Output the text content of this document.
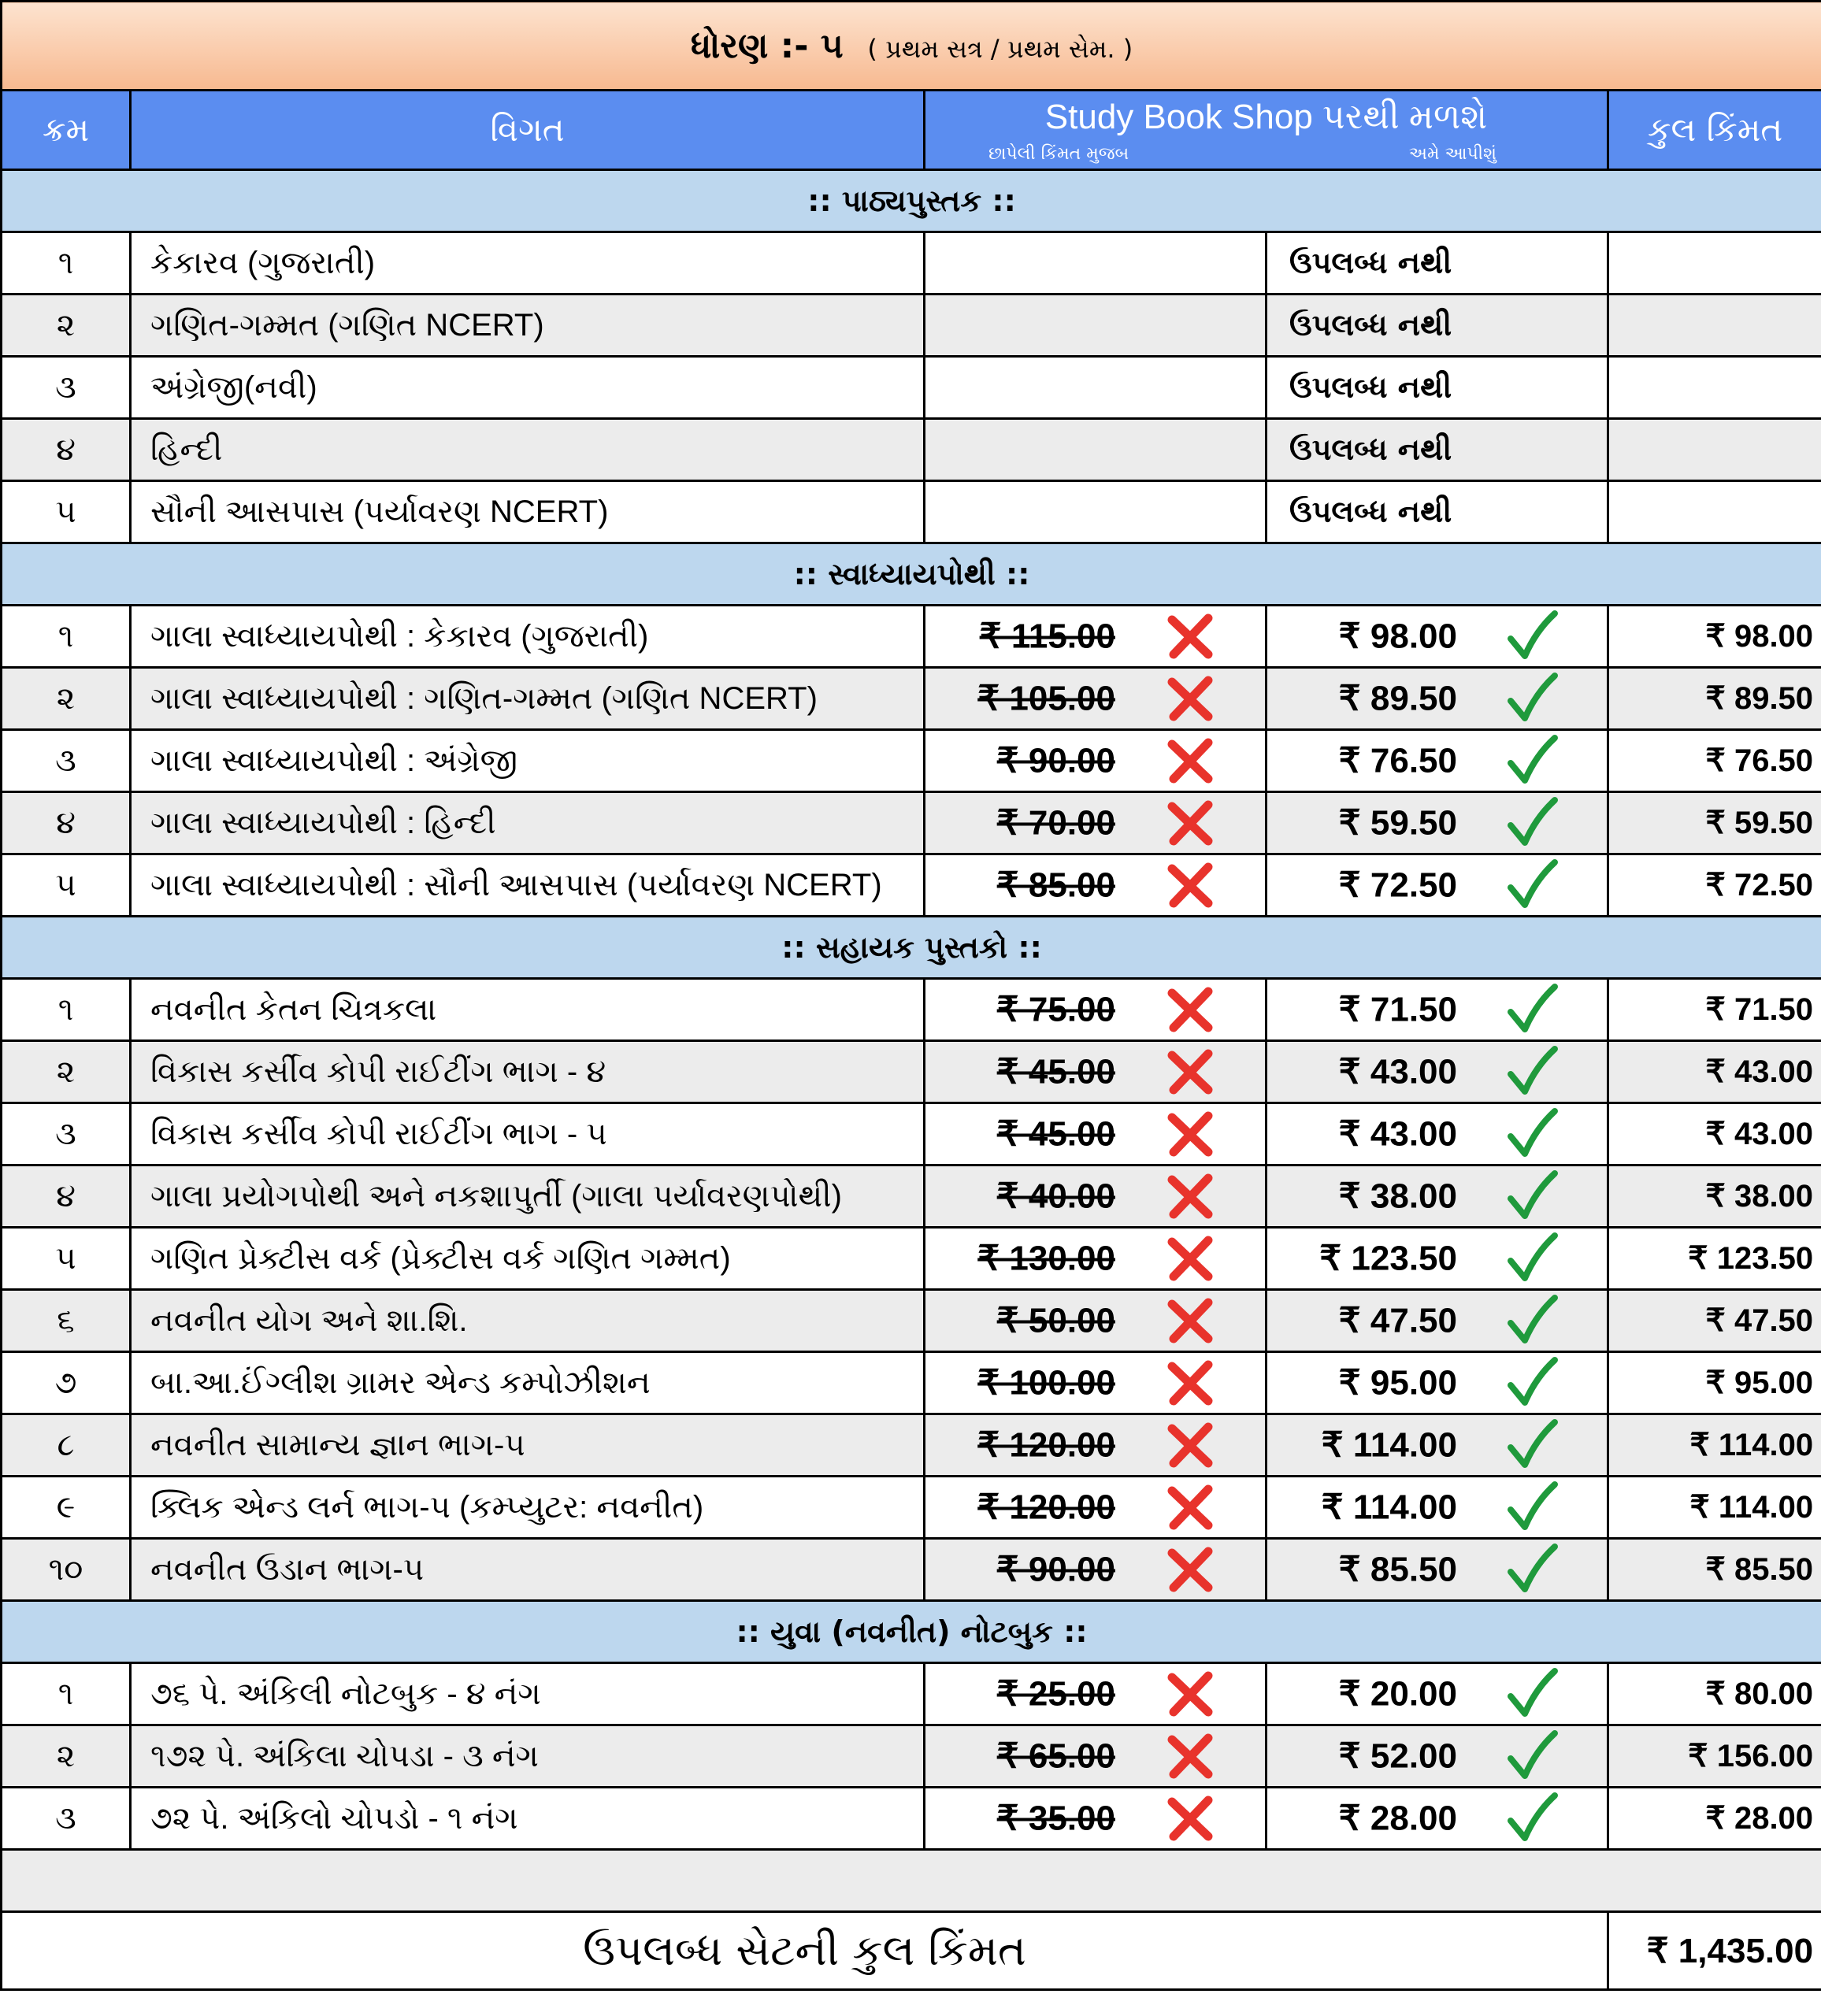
ધોરણ :- ૫ ( પ્રથમ સત્ર / પ્રથમ સેમ. )				
ક્રમ	વિગત	Study Book Shop પરથી મળશે
છાપેલી કિંમત મુજબ અમે આપીશું		કુલ કિંમત
:: પાઠ્યપુસ્તક ::				
૧	કેકારવ (ગુજરાતી)		ઉપલબ્ધ નથી	

૨	ગણિત-ગમ્મત (ગણિત NCERT)		ઉપલબ્ધ નથી	

૩	અંગ્રેજી(નવી)		ઉપલબ્ધ નથી	

૪	હિન્દી		ઉપલબ્ધ નથી	

૫	સૌની આસપાસ (પર્યાવરણ NCERT)		ઉપલબ્ધ નથી	

:: સ્વાધ્યાયપોથી ::				
૧	ગાલા સ્વાધ્યાયપોથી : કેકારવ (ગુજરાતી)	₹ 115.00	₹ 98.00	₹ 98.00
૨	ગાલા સ્વાધ્યાયપોથી : ગણિત-ગમ્મત (ગણિત NCERT)	₹ 105.00	₹ 89.50	₹ 89.50
૩	ગાલા સ્વાધ્યાયપોથી : અંગ્રેજી	₹ 90.00	₹ 76.50	₹ 76.50
૪	ગાલા સ્વાધ્યાયપોથી : હિન્દી	₹ 70.00	₹ 59.50	₹ 59.50
૫	ગાલા સ્વાધ્યાયપોથી : સૌની આસપાસ (પર્યાવરણ NCERT)	₹ 85.00	₹ 72.50	₹ 72.50
:: સહાયક પુસ્તકો ::				
૧	નવનીત કેતન ચિત્રકલા	₹ 75.00	₹ 71.50	₹ 71.50
૨	વિકાસ કર્સીવ કોપી રાઈટીંગ ભાગ - ૪	₹ 45.00	₹ 43.00	₹ 43.00
૩	વિકાસ કર્સીવ કોપી રાઈટીંગ ભાગ - ૫	₹ 45.00	₹ 43.00	₹ 43.00
૪	ગાલા પ્રયોગપોથી અને નકશાપુર્તી (ગાલા પર્યાવરણપોથી)	₹ 40.00	₹ 38.00	₹ 38.00
૫	ગણિત પ્રેક્ટીસ વર્ક (પ્રેક્ટીસ વર્ક ગણિત ગમ્મત)	₹ 130.00	₹ 123.50	₹ 123.50
૬	નવનીત યોગ અને શા.શિ.	₹ 50.00	₹ 47.50	₹ 47.50
૭	બા.આ.ઈંગ્લીશ ગ્રામર એન્ડ કમ્પોઝીશન	₹ 100.00	₹ 95.00	₹ 95.00
૮	નવનીત સામાન્ય જ્ઞાન ભાગ-૫	₹ 120.00	₹ 114.00	₹ 114.00
૯	ક્લિક એન્ડ લર્ન ભાગ-૫ (કમ્પ્યુટર: નવનીત)	₹ 120.00	₹ 114.00	₹ 114.00
૧૦	નવનીત ઉડાન ભાગ-૫	₹ 90.00	₹ 85.50	₹ 85.50
:: યુવા (નવનીત) નોટબુક ::				
૧	૭૬ પે. અંકિલી નોટબુક - ૪ નંગ	₹ 25.00	₹ 20.00	₹ 80.00
૨	૧૭૨ પે. અંકિલા ચોપડા - ૩ નંગ	₹ 65.00	₹ 52.00	₹ 156.00
૩	૭૨ પે. અંકિલો ચોપડો - ૧ નંગ	₹ 35.00	₹ 28.00	₹ 28.00

ઉપલબ્ધ સેટની કુલ કિંમત				₹ 1,435.00
